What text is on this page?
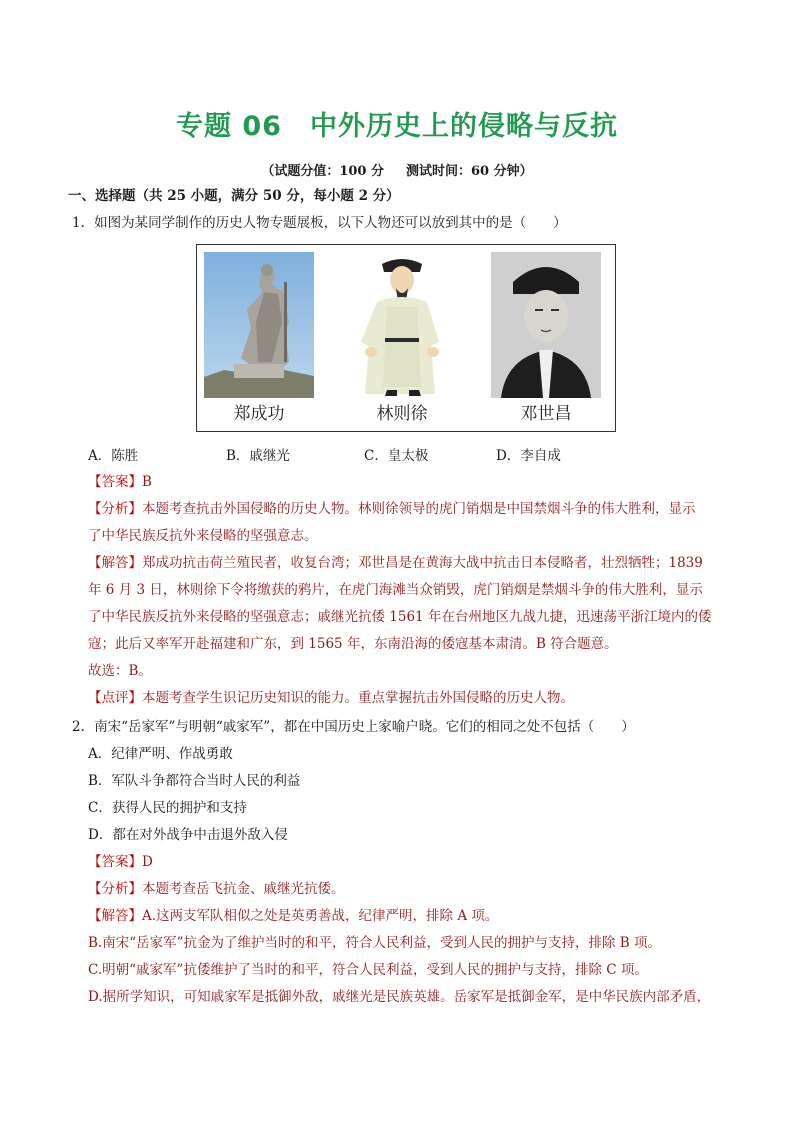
专题 06 中外历史上的侵略与反抗
（试题分值：100 分 测试时间：60 分钟）
一、选择题（共 25 小题，满分 50 分，每小题 2 分）
1．如图为某同学制作的历史人物专题展板，以下人物还可以放到其中的是（　　）
郑成功	林则徐	邓世昌
A．陈胜	B．戚继光	C．皇太极	D．李自成
【答案】B
【分析】本题考查抗击外国侵略的历史人物。林则徐领导的虎门销烟是中国禁烟斗争的伟大胜利，显示
了中华民族反抗外来侵略的坚强意志。
【解答】郑成功抗击荷兰殖民者，收复台湾；邓世昌是在黄海大战中抗击日本侵略者，壮烈牺牲；1839
年 6 月 3 日，林则徐下令将缴获的鸦片，在虎门海滩当众销毁，虎门销烟是禁烟斗争的伟大胜利，显示
了中华民族反抗外来侵略的坚强意志；戚继光抗倭 1561 年在台州地区九战九捷，迅速荡平浙江境内的倭
寇；此后又率军开赴福建和广东，到 1565 年，东南沿海的倭寇基本肃清。B 符合题意。
故选：B。
【点评】本题考查学生识记历史知识的能力。重点掌握抗击外国侵略的历史人物。
2．南宋“岳家军”与明朝“戚家军”，都在中国历史上家喻户晓。它们的相同之处不包括（　　）
A．纪律严明、作战勇敢
B．军队斗争都符合当时人民的利益
C．获得人民的拥护和支持
D．都在对外战争中击退外敌入侵
【答案】D
【分析】本题考查岳飞抗金、戚继光抗倭。
【解答】A.这两支军队相似之处是英勇善战，纪律严明，排除 A 项。
B.南宋“岳家军”抗金为了维护当时的和平，符合人民利益，受到人民的拥护与支持，排除 B 项。
C.明朝“戚家军”抗倭维护了当时的和平，符合人民利益，受到人民的拥护与支持，排除 C 项。
D.据所学知识，可知戚家军是抵御外敌，戚继光是民族英雄。岳家军是抵御金军，是中华民族内部矛盾，
